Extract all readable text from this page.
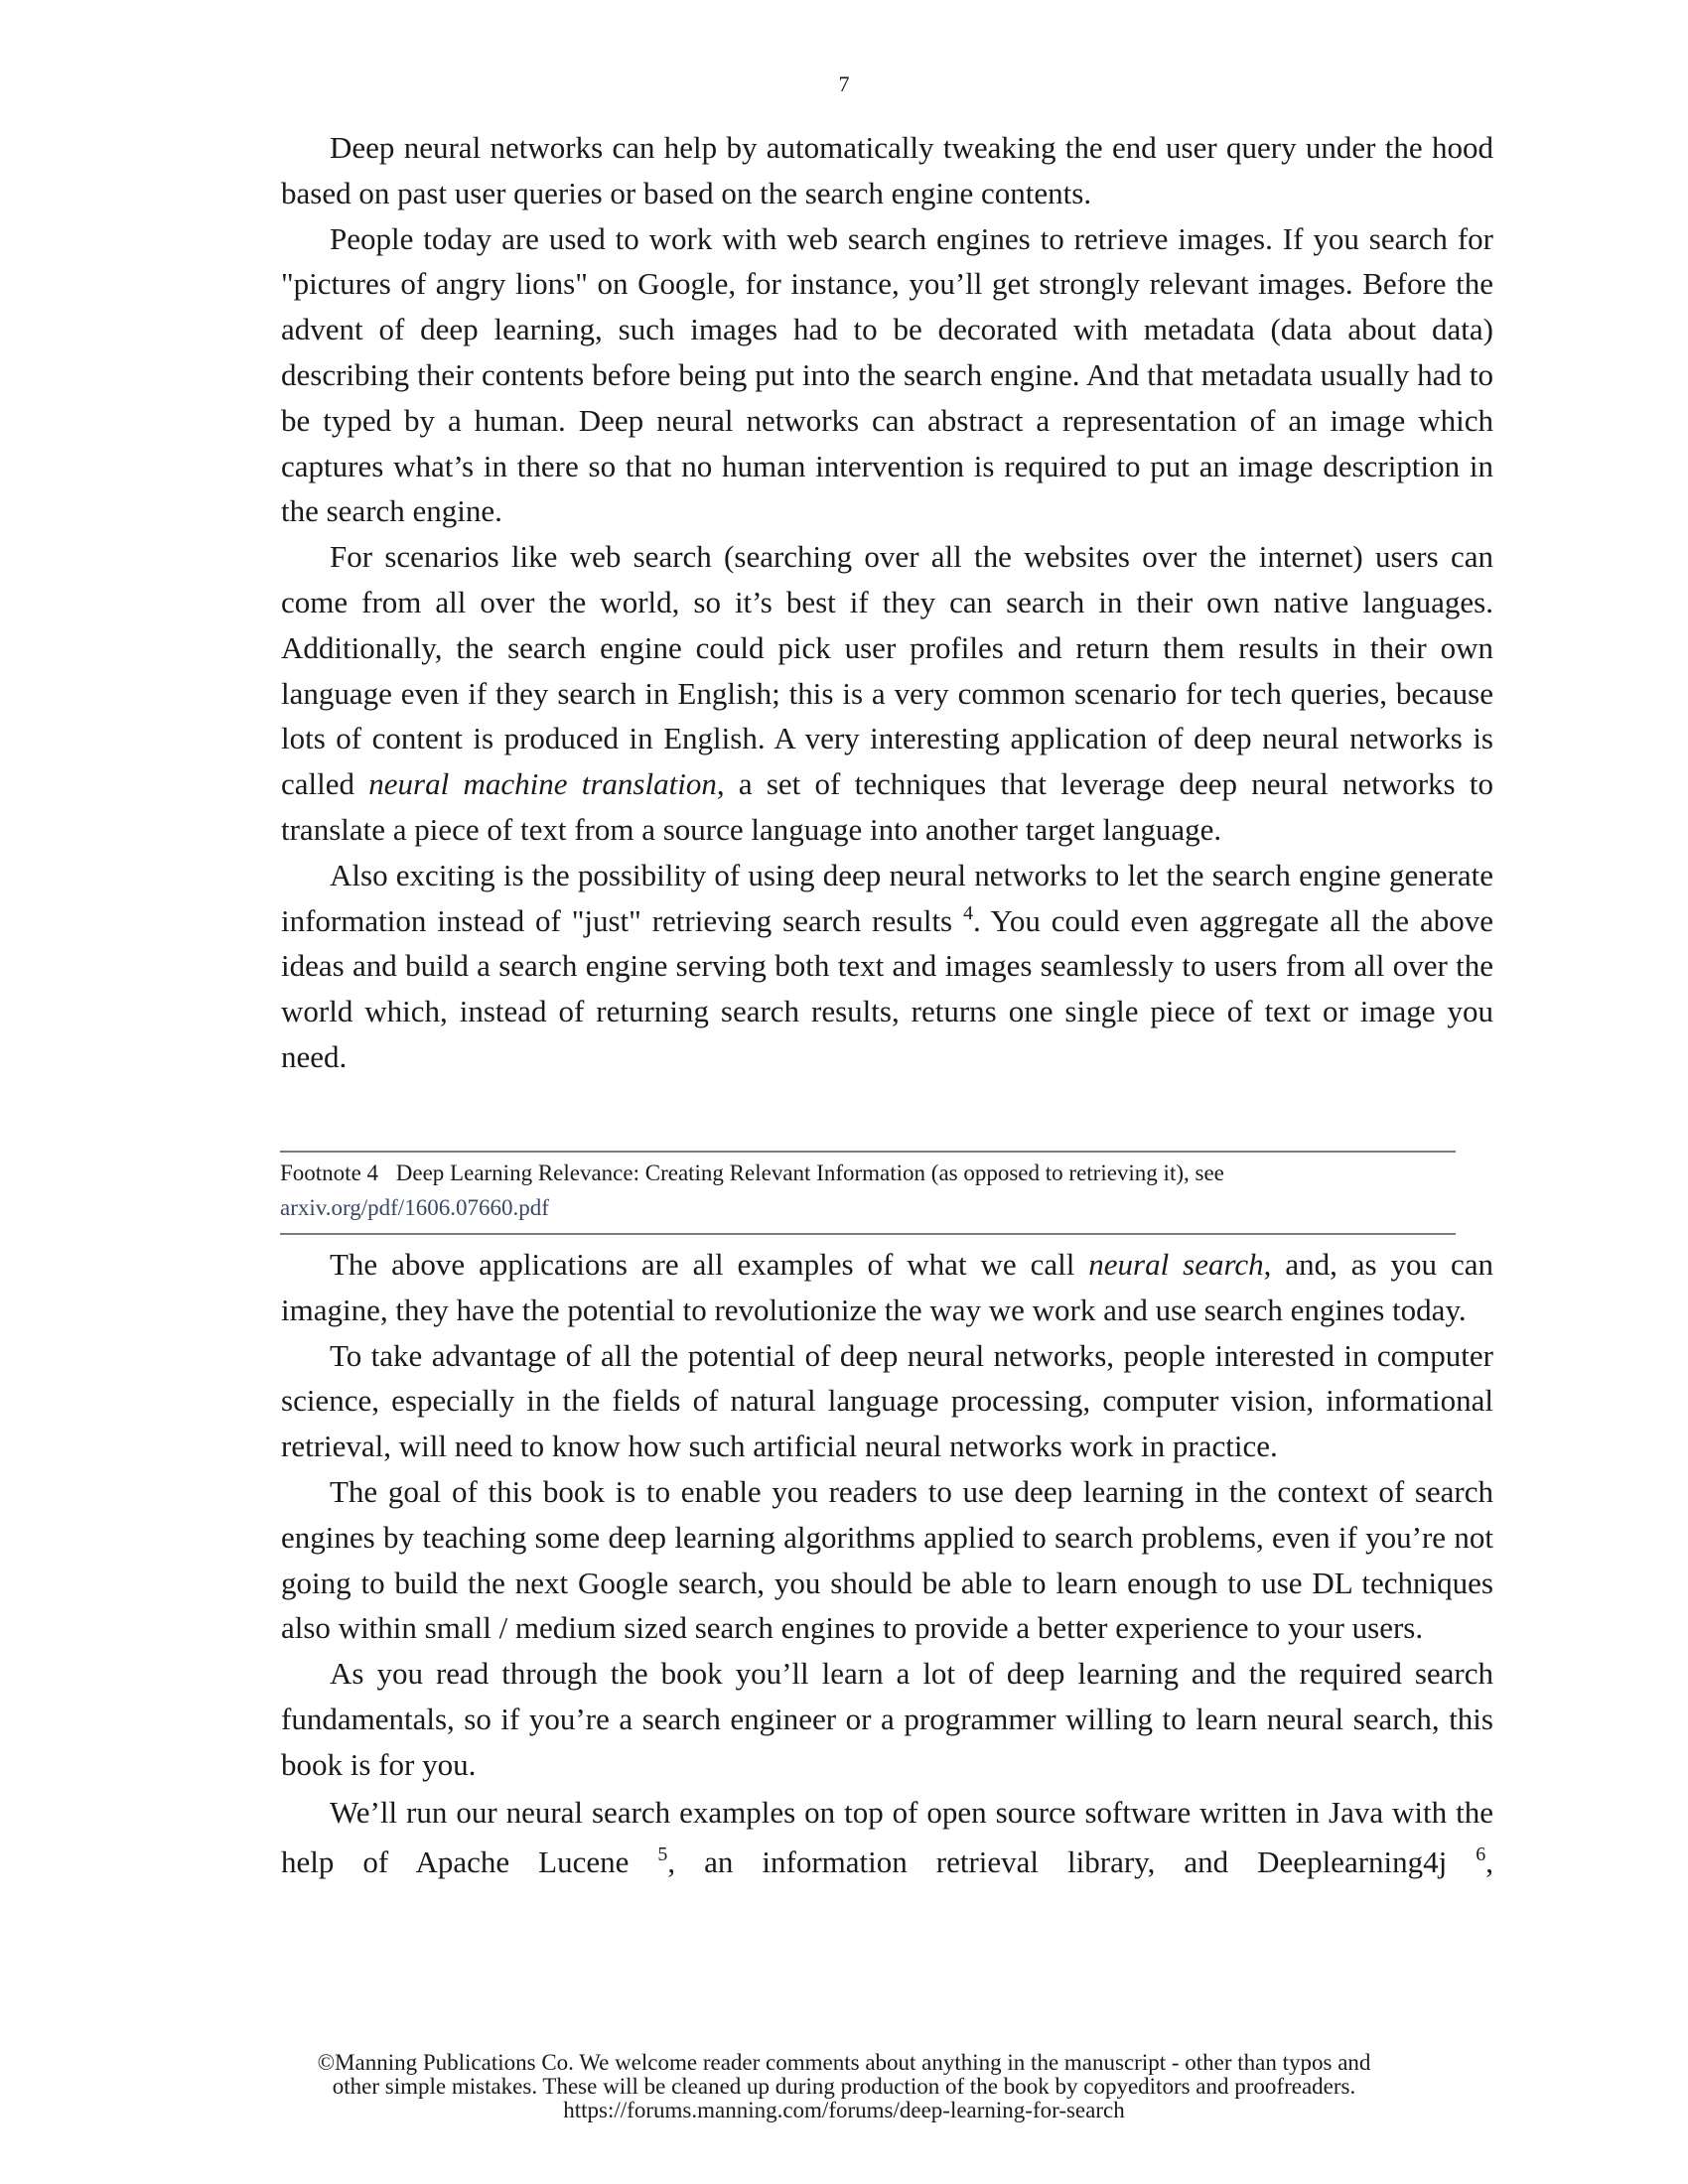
7

Deep neural networks can help by automatically tweaking the end user query under the hood based on past user queries or based on the search engine contents.

People today are used to work with web search engines to retrieve images. If you search for "pictures of angry lions" on Google, for instance, you’ll get strongly relevant images. Before the advent of deep learning, such images had to be decorated with metadata (data about data) describing their contents before being put into the search engine. And that metadata usually had to be typed by a human. Deep neural networks can abstract a representation of an image which captures what’s in there so that no human intervention is required to put an image description in the search engine.

For scenarios like web search (searching over all the websites over the internet) users can come from all over the world, so it’s best if they can search in their own native languages. Additionally, the search engine could pick user profiles and return them results in their own language even if they search in English; this is a very common scenario for tech queries, because lots of content is produced in English. A very interesting application of deep neural networks is called neural machine translation, a set of techniques that leverage deep neural networks to translate a piece of text from a source language into another target language.

Also exciting is the possibility of using deep neural networks to let the search engine generate information instead of "just" retrieving search results $^4$. You could even aggregate all the above ideas and build a search engine serving both text and images seamlessly to users from all over the world which, instead of returning search results, returns one single piece of text or image you need.

Footnote 4 Deep Learning Relevance: Creating Relevant Information (as opposed to retrieving it), see
arxiv.org/pdf/1606.07660.pdf

The above applications are all examples of what we call neural search, and, as you can imagine, they have the potential to revolutionize the way we work and use search engines today.

To take advantage of all the potential of deep neural networks, people interested in computer science, especially in the fields of natural language processing, computer vision, informational retrieval, will need to know how such artificial neural networks work in practice.

The goal of this book is to enable you readers to use deep learning in the context of search engines by teaching some deep learning algorithms applied to search problems, even if you’re not going to build the next Google search, you should be able to learn enough to use DL techniques also within small / medium sized search engines to provide a better experience to your users.

As you read through the book you’ll learn a lot of deep learning and the required search fundamentals, so if you’re a search engineer or a programmer willing to learn neural search, this book is for you.

We’ll run our neural search examples on top of open source software written in Java with the help of Apache Lucene $^5$, an information retrieval library, and Deeplearning4j $^6$,

©Manning Publications Co. We welcome reader comments about anything in the manuscript - other than typos and
other simple mistakes. These will be cleaned up during production of the book by copyeditors and proofreaders.
https://forums.manning.com/forums/deep-learning-for-search
